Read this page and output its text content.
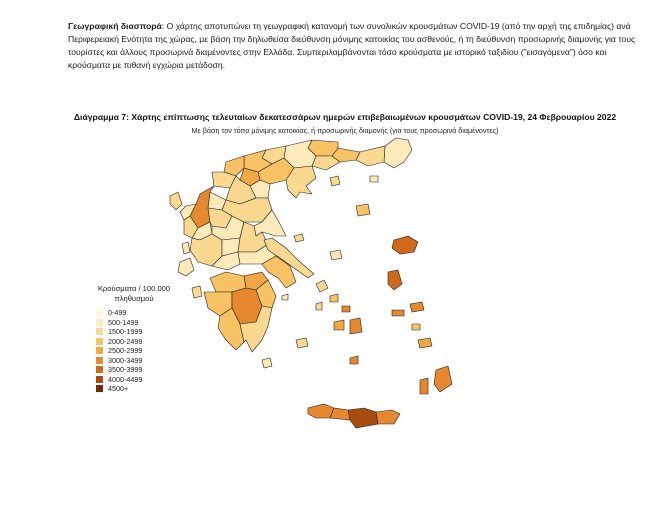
Γεωγραφική διασπορά: Ο χάρτης αποτυπώνει τη γεωγραφική κατανομή των συνολικών κρουσμάτων COVID-19 (από την αρχή της επιδημίας) ανά Περιφερειακή Ενότητα της χώρας, με βάση την δηλωθείσα διεύθυνση μόνιμης κατοικίας του ασθενούς, ή τη διεύθυνση προσωρινής διαμονής για τους τουρίστες και άλλους προσωρινά διαμένοντες στην Ελλάδα. Συμπεριλαμβάνονται τόσο κρούσματα με ιστορικό ταξιδίου ("εισαγόμενα") όσο και κρούσματα με πιθανή εγχώρια μετάδοση.
Διάγραμμα 7: Χάρτης επίπτωσης τελευταίων δεκατεσσάρων ημερών επιβεβαιωμένων κρουσμάτων COVID-19, 24 Φεβρουαρίου 2022
Με βάση τον τόπο μόνιμης κατοικίας, ή προσωρινής διαμονής (για τους προσωρινά διαμένοντες)
Κρούσματα / 100.000 πληθυσμού
0-499
500-1499
1500-1999
2000-2499
2500-2999
3000-3499
3500-3999
4000-4499
4500+
